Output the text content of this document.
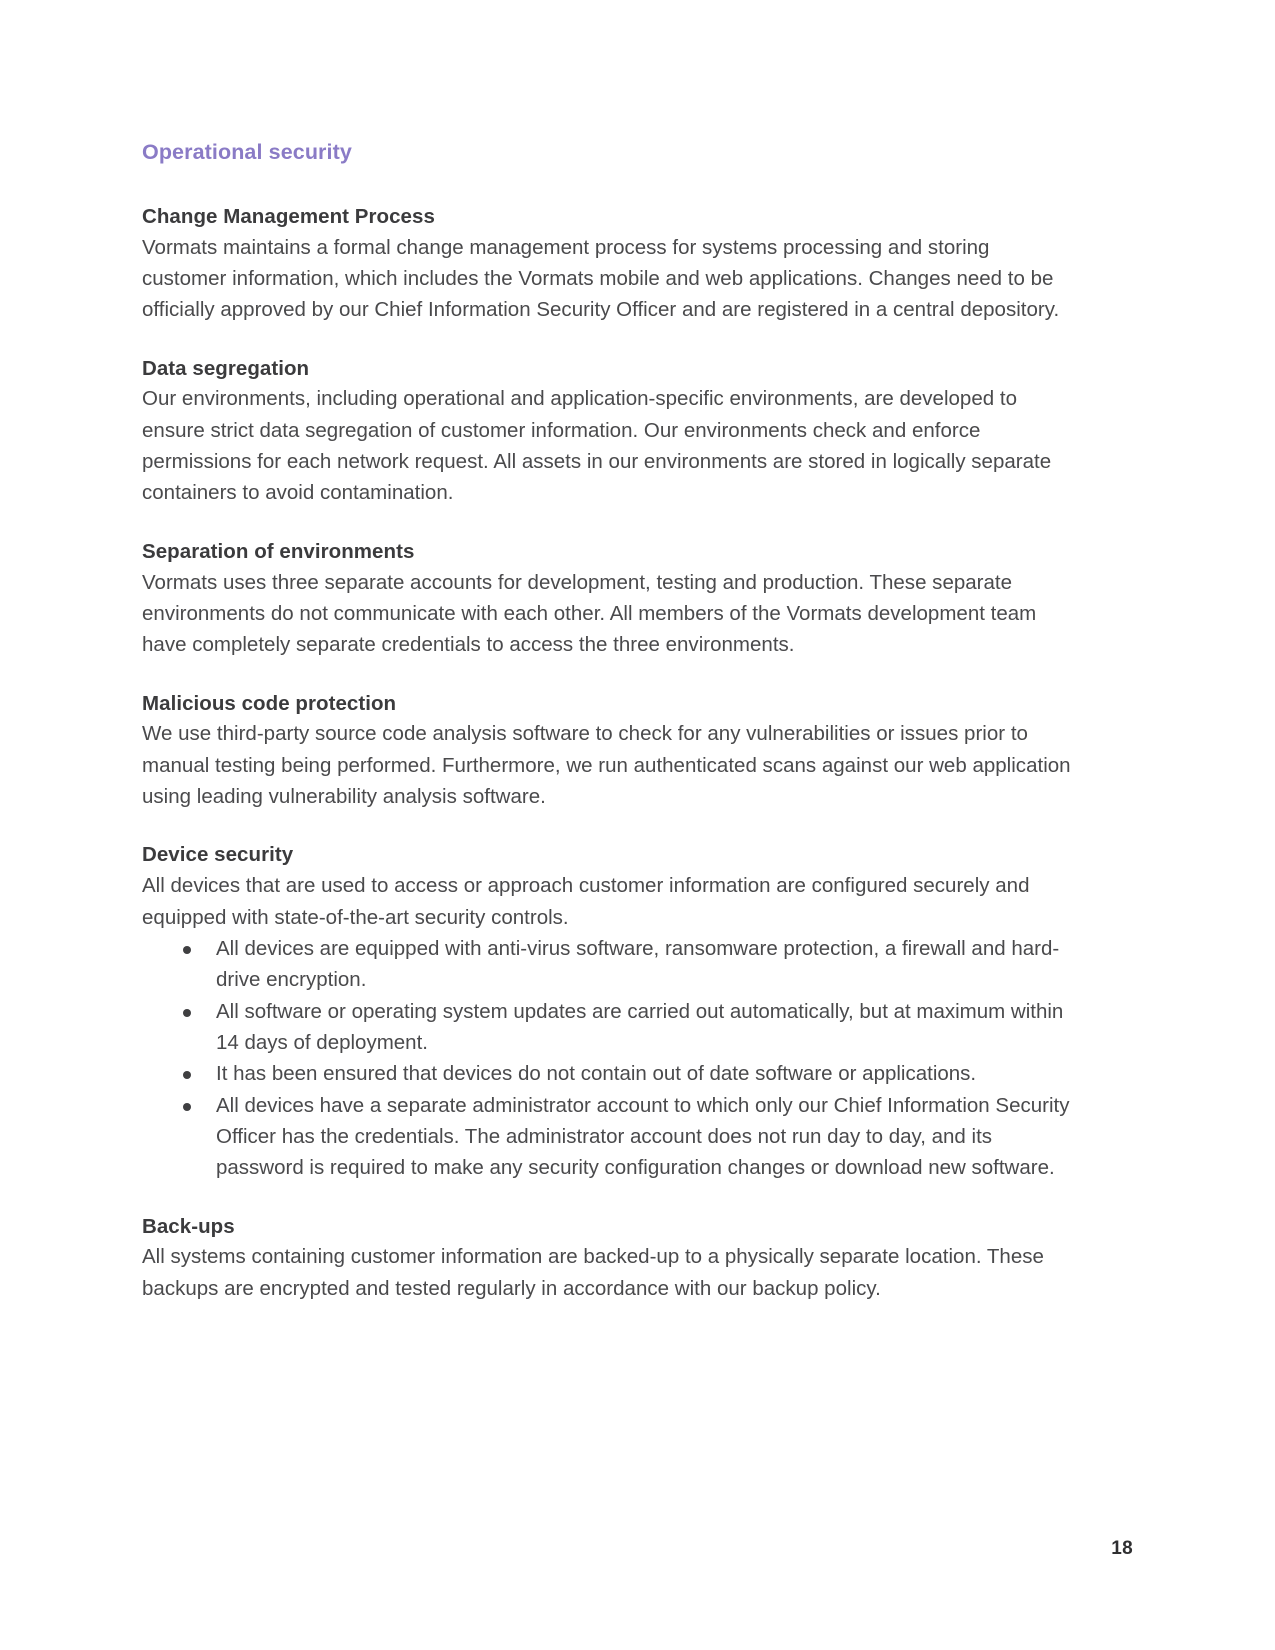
Operational security
Change Management Process

Vormats maintains a formal change management process for systems processing and storing customer information, which includes the Vormats mobile and web applications. Changes need to be officially approved by our Chief Information Security Officer and are registered in a central depository.

Data segregation

Our environments, including operational and application-specific environments, are developed to ensure strict data segregation of customer information. Our environments check and enforce permissions for each network request. All assets in our environments are stored in logically separate containers to avoid contamination.

Separation of environments

Vormats uses three separate accounts for development, testing and production. These separate environments do not communicate with each other. All members of the Vormats development team have completely separate credentials to access the three environments.

Malicious code protection

We use third-party source code analysis software to check for any vulnerabilities or issues prior to manual testing being performed. Furthermore, we run authenticated scans against our web application using leading vulnerability analysis software.

Device security

All devices that are used to access or approach customer information are configured securely and equipped with state-of-the-art security controls.

All devices are equipped with anti-virus software, ransomware protection, a firewall and hard-drive encryption.
All software or operating system updates are carried out automatically, but at maximum within 14 days of deployment.
It has been ensured that devices do not contain out of date software or applications.
All devices have a separate administrator account to which only our Chief Information Security Officer has the credentials. The administrator account does not run day to day, and its password is required to make any security configuration changes or download new software.
Back-ups

All systems containing customer information are backed-up to a physically separate location. These backups are encrypted and tested regularly in accordance with our backup policy.

18
